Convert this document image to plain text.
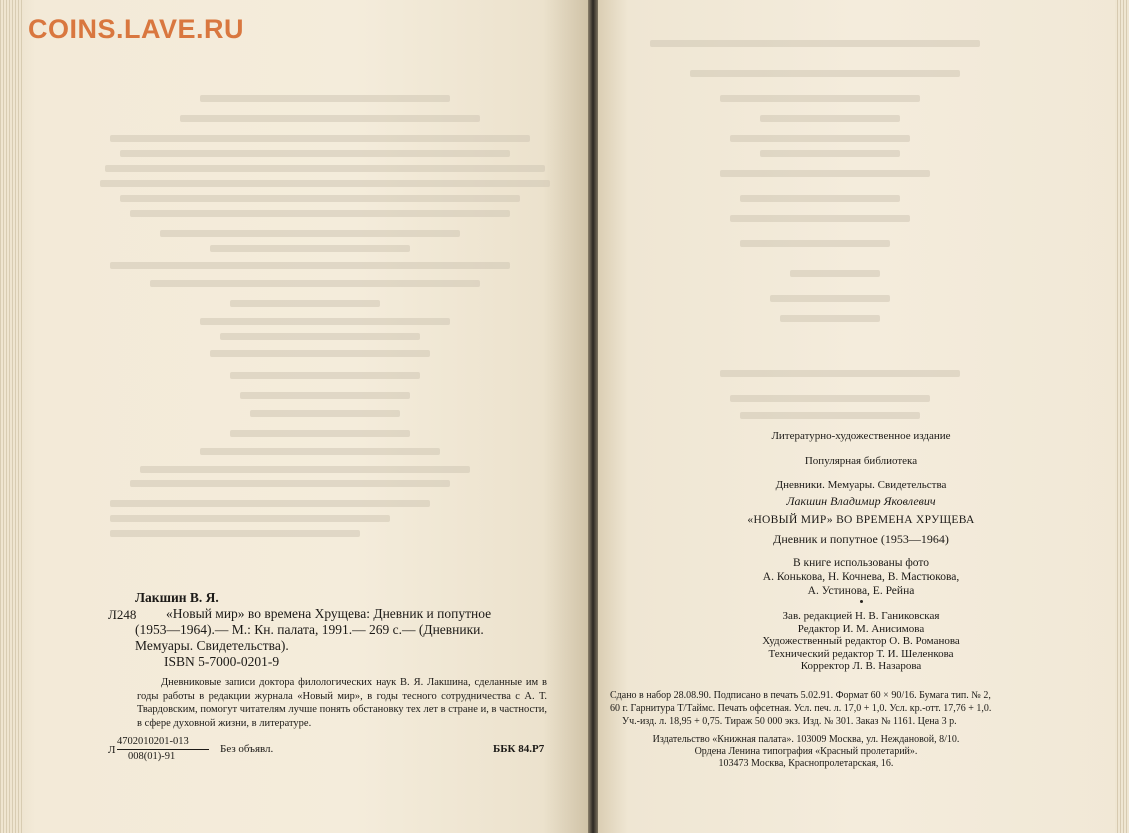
COINS.LAVE.RU
Лакшин В. Я.
Л248 «Новый мир» во времена Хрущева: Дневник и попутное
(1953—1964).— М.: Кн. палата, 1991.— 269 с.— (Дневники.
Мемуары. Свидетельства).
ISBN 5-7000-0201-9
Дневниковые записи доктора филологических наук В. Я. Лакшина, сделанные им в годы работы в редакции журнала «Новый мир», в годы тесного сотрудничества с А. Т. Твардовским, помогут читателям лучше понять обстановку тех лет в стране и, в частности, в сфере духовной жизни, в литературе.
Л
4702010201-013
008(01)-91
Без объявл.	ББК 84.Р7
Литературно-художественное издание
Популярная библиотека
Дневники. Мемуары. Свидетельства
Лакшин Владимир Яковлевич
«НОВЫЙ МИР» ВО ВРЕМЕНА ХРУЩЕВА
Дневник и попутное (1953—1964)
В книге использованы фото
А. Конькова, Н. Кочнева, В. Мастюкова,
А. Устинова, Е. Рейна
Зав. редакцией Н. В. Ганиковская
Редактор И. М. Анисимова
Художественный редактор О. В. Романова
Технический редактор Т. И. Шеленкова
Корректор Л. В. Назарова
Сдано в набор 28.08.90. Подписано в печать 5.02.91. Формат 60 × 90/16. Бумага тип. № 2,
60 г. Гарнитура Т/Таймс. Печать офсетная. Усл. печ. л. 17,0 + 1,0. Усл. кр.-отт. 17,76 + 1,0.
Уч.-изд. л. 18,95 + 0,75. Тираж 50 000 экз. Изд. № 301. Заказ № 1161. Цена 3 р.
Издательство «Книжная палата». 103009 Москва, ул. Неждановой, 8/10.
Ордена Ленина типография «Красный пролетарий».
103473 Москва, Краснопролетарская, 16.
